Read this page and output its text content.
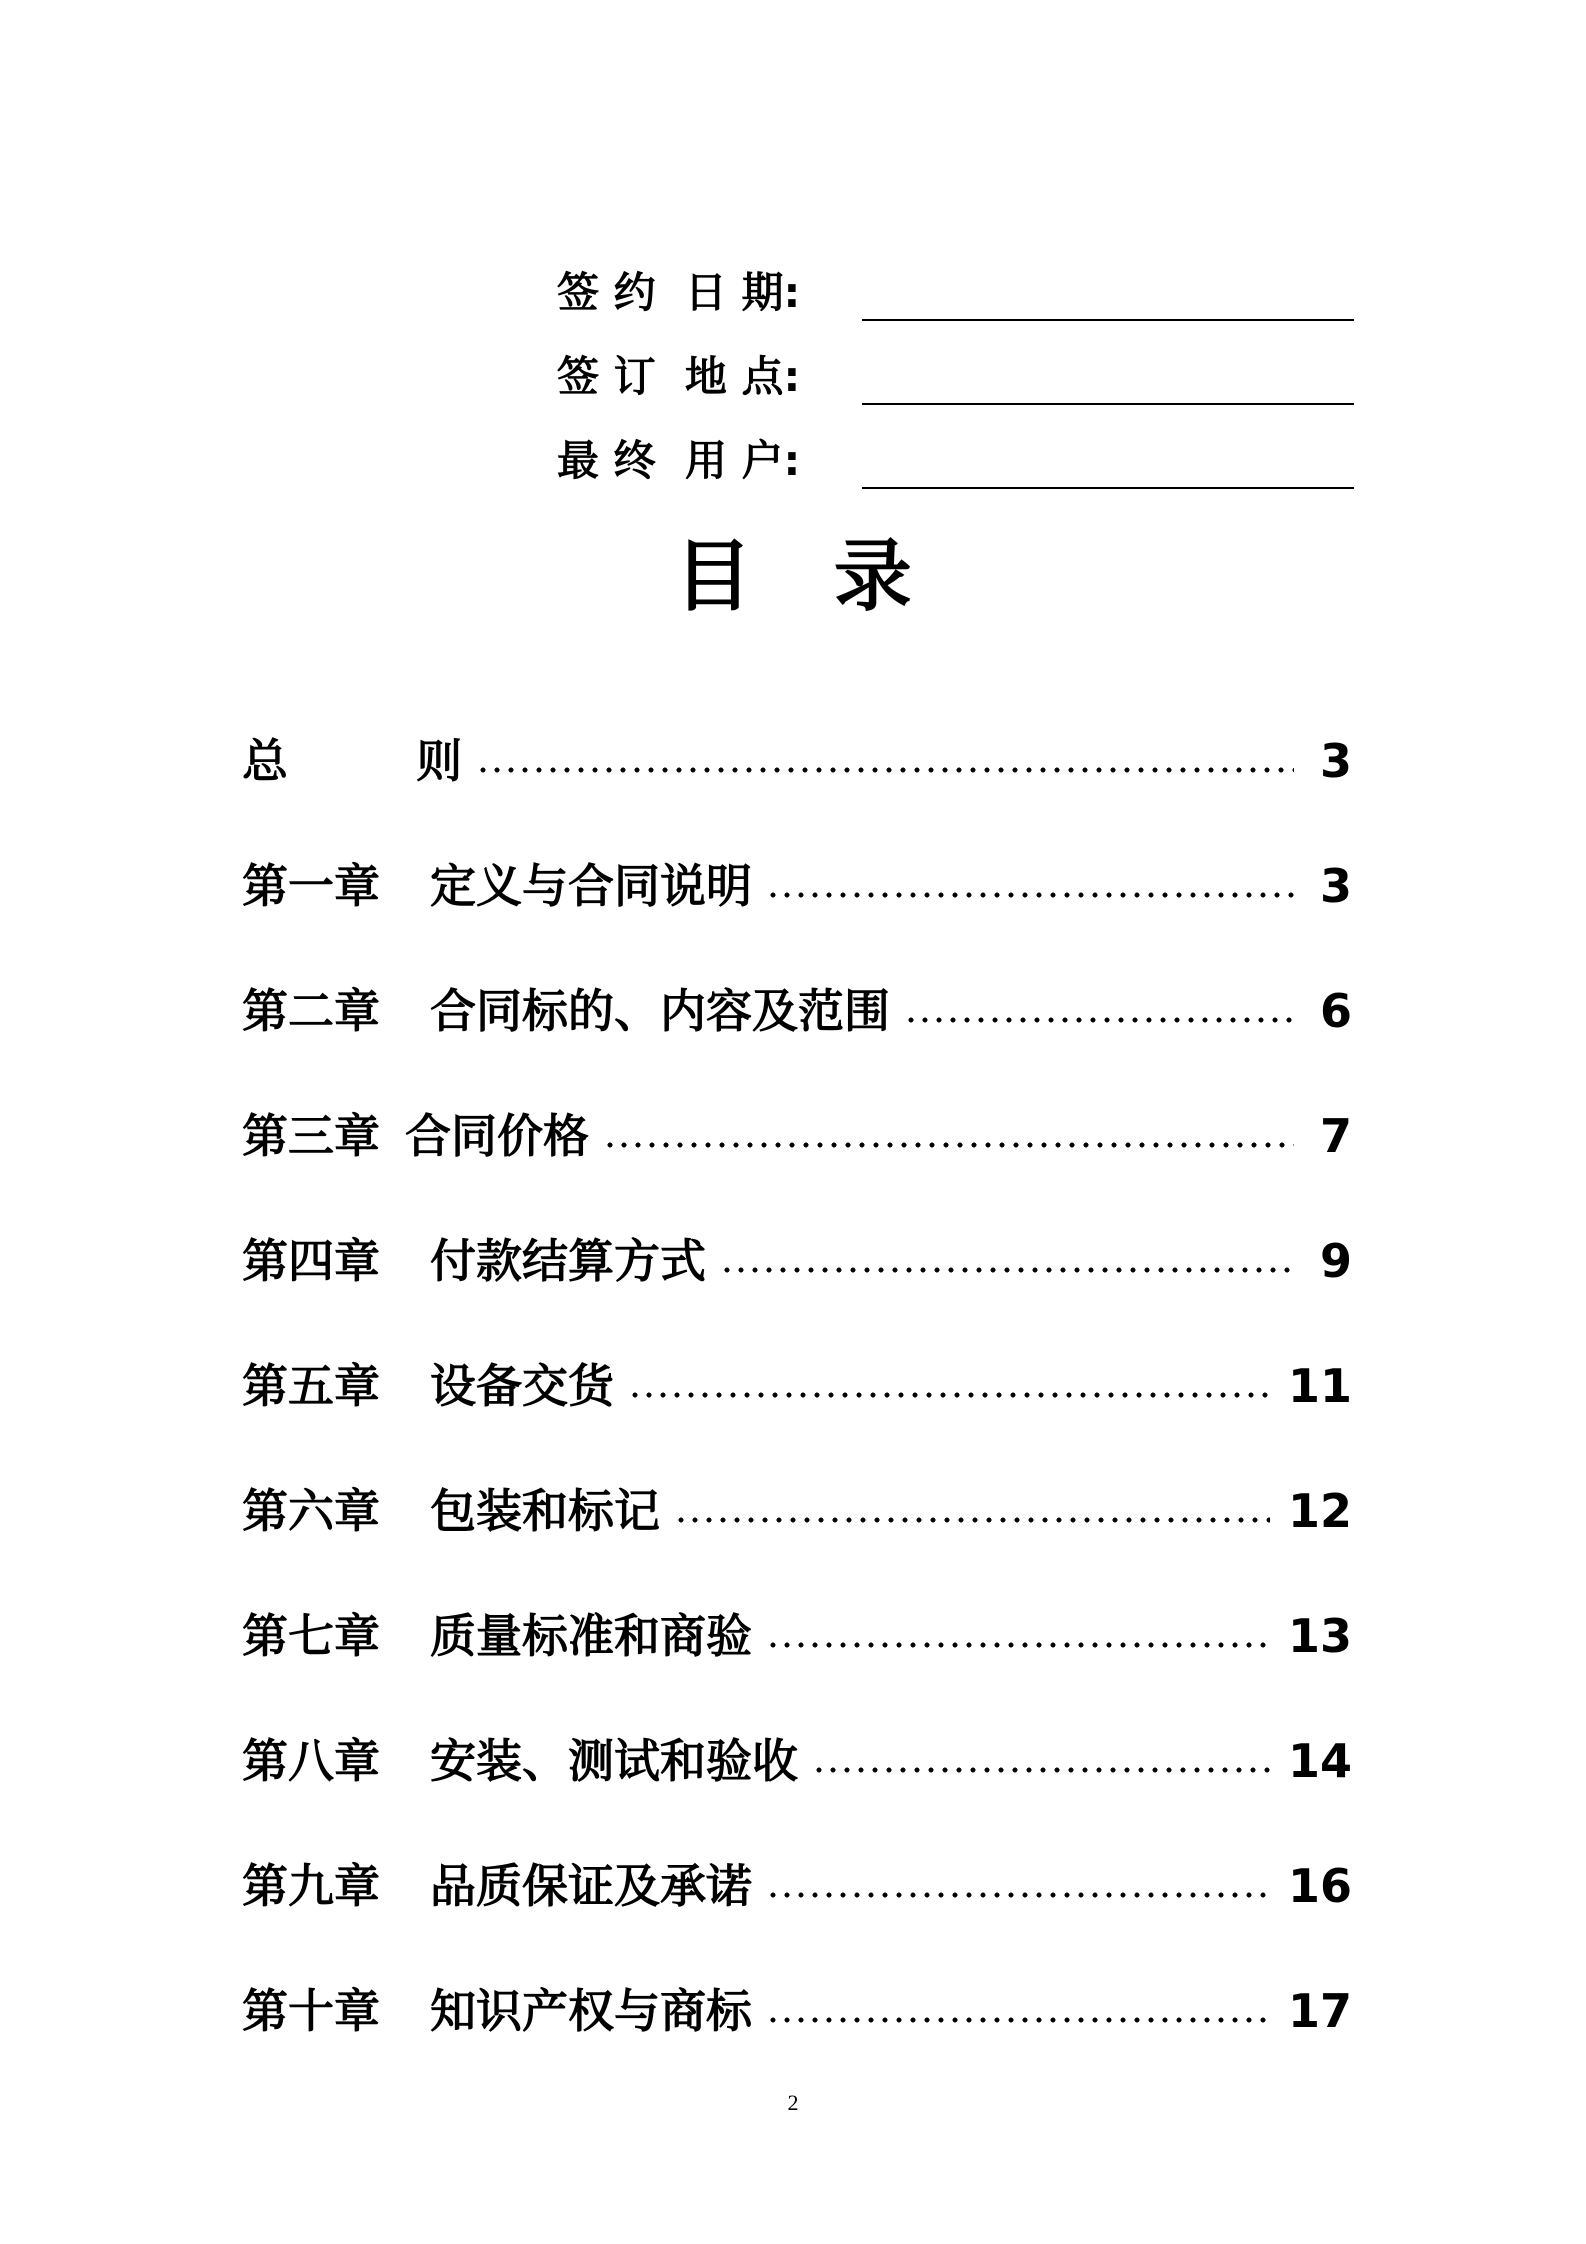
签 约  日 期:
签 订  地 点:
最 终  用 户:
目   录
总        则	3
第一章 定义与合同说明	3
第二章 合同标的、内容及范围	6
第三章 合同价格	7
第四章 付款结算方式	9
第五章 设备交货	11
第六章 包装和标记	12
第七章 质量标准和商验	13
第八章 安装、测试和验收	14
第九章 品质保证及承诺	16
第十章 知识产权与商标	17
2
